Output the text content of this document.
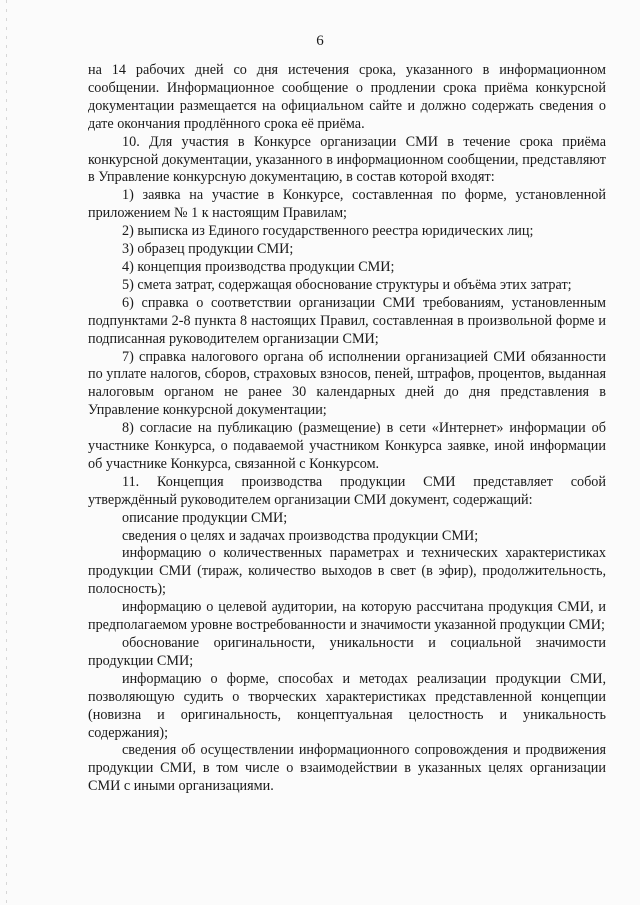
6

на 14 рабочих дней со дня истечения срока, указанного в информационном сообщении. Информационное сообщение о продлении срока приёма конкурсной документации размещается на официальном сайте и должно содержать сведения о дате окончания продлённого срока её приёма.

10. Для участия в Конкурсе организации СМИ в течение срока приёма конкурсной документации, указанного в информационном сообщении, представляют в Управление конкурсную документацию, в состав которой входят:

1) заявка на участие в Конкурсе, составленная по форме, установленной приложением № 1 к настоящим Правилам;

2) выписка из Единого государственного реестра юридических лиц;

3) образец продукции СМИ;

4) концепция производства продукции СМИ;

5) смета затрат, содержащая обоснование структуры и объёма этих затрат;

6) справка о соответствии организации СМИ требованиям, установленным подпунктами 2-8 пункта 8 настоящих Правил, составленная в произвольной форме и подписанная руководителем организации СМИ;

7) справка налогового органа об исполнении организацией СМИ обязанности по уплате налогов, сборов, страховых взносов, пеней, штрафов, процентов, выданная налоговым органом не ранее 30 календарных дней до дня представления в Управление конкурсной документации;

8) согласие на публикацию (размещение) в сети «Интернет» информации об участнике Конкурса, о подаваемой участником Конкурса заявке, иной информации об участнике Конкурса, связанной с Конкурсом.

11. Концепция производства продукции СМИ представляет собой утверждённый руководителем организации СМИ документ, содержащий:

описание продукции СМИ;

сведения о целях и задачах производства продукции СМИ;

информацию о количественных параметрах и технических характеристиках продукции СМИ (тираж, количество выходов в свет (в эфир), продолжительность, полосность);

информацию о целевой аудитории, на которую рассчитана продукция СМИ, и предполагаемом уровне востребованности и значимости указанной продукции СМИ;

обоснование оригинальности, уникальности и социальной значимости продукции СМИ;

информацию о форме, способах и методах реализации продукции СМИ, позволяющую судить о творческих характеристиках представленной концепции (новизна и оригинальность, концептуальная целостность и уникальность содержания);

сведения об осуществлении информационного сопровождения и продвижения продукции СМИ, в том числе о взаимодействии в указанных целях организации СМИ с иными организациями.
